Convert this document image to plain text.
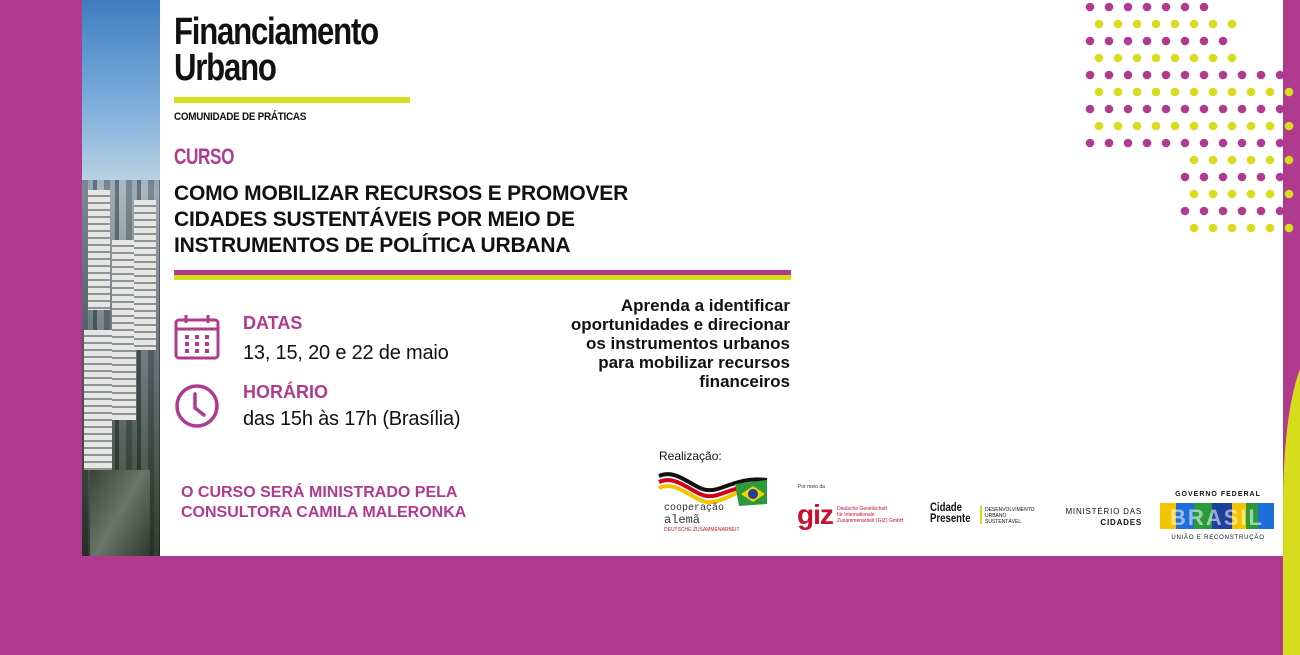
Financiamento
Urbano
COMUNIDADE DE PRÁTICAS
CURSO
COMO MOBILIZAR RECURSOS E PROMOVER
CIDADES SUSTENTÁVEIS POR MEIO DE
INSTRUMENTOS DE POLÍTICA URBANA
DATAS
13, 15, 20 e 22 de maio
HORÁRIO
das 15h às 17h (Brasília)
Aprenda a identificar
oportunidades e direcionar
os instrumentos urbanos
para mobilizar recursos
financeiros
O CURSO SERÁ MINISTRADO PELA
CONSULTORA CAMILA MALERONKA
Realização:
cooperação
alemã
DEUTSCHE ZUSAMMENARBEIT
Por meio da
giz Deutsche Gesellschaft
für Internationale
Zusammenarbeit (GIZ) GmbH
Cidade
Presente
DESENVOLVIMENTO
URBANO
SUSTENTÁVEL
MINISTÉRIO DAS
CIDADES
GOVERNO FEDERAL
BRASIL
UNIÃO E RECONSTRUÇÃO
